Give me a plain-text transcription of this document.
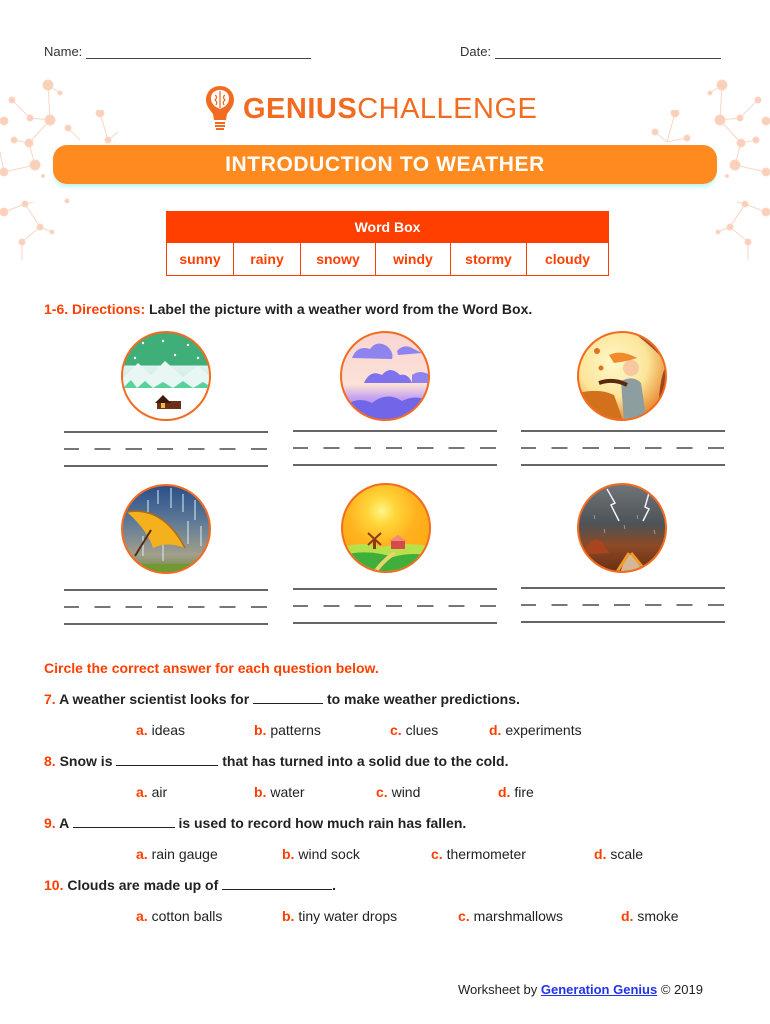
Name:	Date:
GENIUSCHALLENGE
INTRODUCTION TO WEATHER
Word Box
sunny	rainy	snowy	windy	stormy	cloudy
1-6. Directions: Label the picture with a weather word from the Word Box.
Circle the correct answer for each question below.
7. A weather scientist looks for	to make weather predictions.
a. ideas	b. patterns	c. clues	d. experiments
8. Snow is	that has turned into a solid due to the cold.
a. air	b. water	c. wind	d. fire
9. A	is used to record how much rain has fallen.
a. rain gauge	b. wind sock	c. thermometer	d. scale
10. Clouds are made up of	.
a. cotton balls	b. tiny water drops	c. marshmallows	d. smoke
Worksheet by Generation Genius © 2019
